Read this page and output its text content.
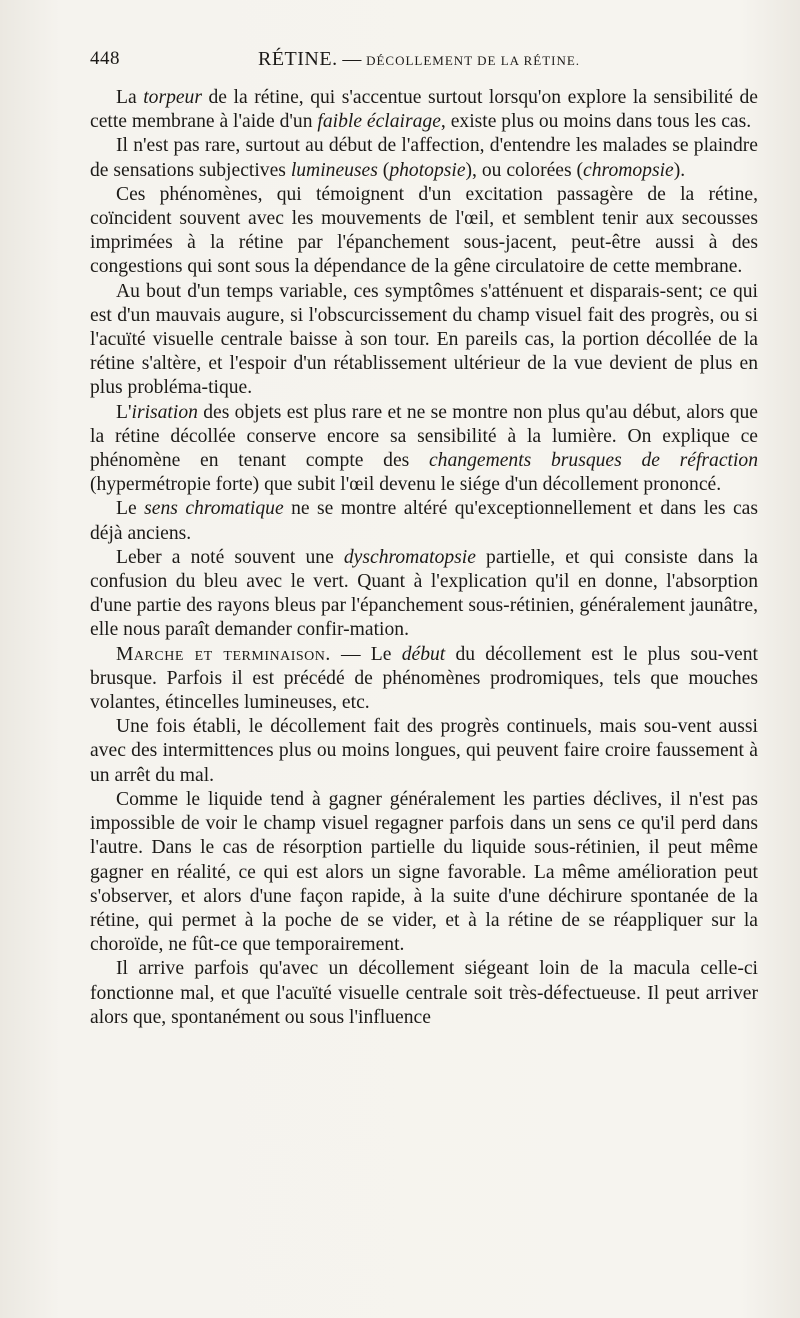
448	RÉTINE. — DÉCOLLEMENT DE LA RÉTINE.

La torpeur de la rétine, qui s'accentue surtout lorsqu'on explore la sensibilité de cette membrane à l'aide d'un faible éclairage, existe plus ou moins dans tous les cas.

Il n'est pas rare, surtout au début de l'affection, d'entendre les malades se plaindre de sensations subjectives lumineuses (photopsie), ou colorées (chromopsie).

Ces phénomènes, qui témoignent d'un excitation passagère de la rétine, coïncident souvent avec les mouvements de l'œil, et semblent tenir aux secousses imprimées à la rétine par l'épanchement sous-jacent, peut-être aussi à des congestions qui sont sous la dépendance de la gêne circulatoire de cette membrane.

Au bout d'un temps variable, ces symptômes s'atténuent et disparais-sent; ce qui est d'un mauvais augure, si l'obscurcissement du champ visuel fait des progrès, ou si l'acuïté visuelle centrale baisse à son tour. En pareils cas, la portion décollée de la rétine s'altère, et l'espoir d'un rétablissement ultérieur de la vue devient de plus en plus probléma-tique.

L'irisation des objets est plus rare et ne se montre non plus qu'au début, alors que la rétine décollée conserve encore sa sensibilité à la lumière. On explique ce phénomène en tenant compte des changements brusques de réfraction (hypermétropie forte) que subit l'œil devenu le siége d'un décollement prononcé.

Le sens chromatique ne se montre altéré qu'exceptionnellement et dans les cas déjà anciens.

Leber a noté souvent une dyschromatopsie partielle, et qui consiste dans la confusion du bleu avec le vert. Quant à l'explication qu'il en donne, l'absorption d'une partie des rayons bleus par l'épanchement sous-rétinien, généralement jaunâtre, elle nous paraît demander confir-mation.

Marche et terminaison. — Le début du décollement est le plus sou-vent brusque. Parfois il est précédé de phénomènes prodromiques, tels que mouches volantes, étincelles lumineuses, etc.

Une fois établi, le décollement fait des progrès continuels, mais sou-vent aussi avec des intermittences plus ou moins longues, qui peuvent faire croire faussement à un arrêt du mal.

Comme le liquide tend à gagner généralement les parties déclives, il n'est pas impossible de voir le champ visuel regagner parfois dans un sens ce qu'il perd dans l'autre. Dans le cas de résorption partielle du liquide sous-rétinien, il peut même gagner en réalité, ce qui est alors un signe favorable. La même amélioration peut s'observer, et alors d'une façon rapide, à la suite d'une déchirure spontanée de la rétine, qui permet à la poche de se vider, et à la rétine de se réappliquer sur la choroïde, ne fût-ce que temporairement.

Il arrive parfois qu'avec un décollement siégeant loin de la macula celle-ci fonctionne mal, et que l'acuïté visuelle centrale soit très-défectueuse. Il peut arriver alors que, spontanément ou sous l'influence
